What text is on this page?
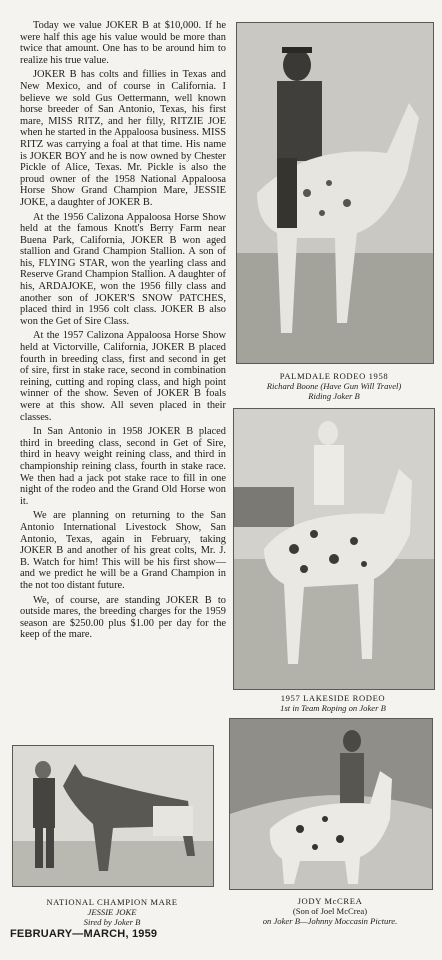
Today we value JOKER B at $10,000. If he were half this age his value would be more than twice that amount. One has to be around him to realize his true value.

JOKER B has colts and fillies in Texas and New Mexico, and of course in California. I believe we sold Gus Oettermann, well known horse breeder of San Antonio, Texas, his first mare, MISS RITZ, and her filly, RITZIE JOE when he started in the Appaloosa business. MISS RITZ was carrying a foal at that time. His name is JOKER BOY and he is now owned by Chester Pickle of Alice, Texas. Mr. Pickle is also the proud owner of the 1958 National Appaloosa Horse Show Grand Champion Mare, JESSIE JOKE, a daughter of JOKER B.

At the 1956 Calizona Appaloosa Horse Show held at the famous Knott's Berry Farm near Buena Park, California, JOKER B won aged stallion and Grand Champion Stallion. A son of his, FLYING STAR, won the yearling class and Reserve Grand Champion Stallion. A daughter of his, ARDAJOKE, won the 1956 filly class and another son of JOKER'S SNOW PATCHES, placed third in 1956 colt class. JOKER B also won the Get of Sire Class.

At the 1957 Calizona Appaloosa Horse Show held at Victorville, California, JOKER B placed fourth in breeding class, first and second in get of sire, first in stake race, second in combination reining, cutting and roping class, and high point winner of the show. Seven of JOKER B foals were at this show. All seven placed in their classes.

In San Antonio in 1958 JOKER B placed third in breeding class, second in Get of Sire, third in heavy weight reining class, and third in championship reining class, fourth in stake race. We then had a jack pot stake race to fill in one night of the rodeo and the Grand Old Horse won it.

We are planning on returning to the San Antonio International Livestock Show, San Antonio, Texas, again in February, taking JOKER B and another of his great colts, Mr. J. B. Watch for him! This will be his first show—and we predict he will be a Grand Champion in the not too distant future.

We, of course, are standing JOKER B to outside mares, the breeding charges for the 1959 season are $250.00 plus $1.00 per day for the keep of the mare.

PALMDALE RODEO 1958
Richard Boone (Have Gun Will Travel)
Riding Joker B
1957 LAKESIDE RODEO
1st in Team Roping on Joker B
NATIONAL CHAMPION MARE
JESSIE JOKE
Sired by Joker B
JODY McCREA
(Son of Joel McCrea)
on Joker B—Johnny Moccasin Picture.
FEBRUARY—MARCH, 1959
